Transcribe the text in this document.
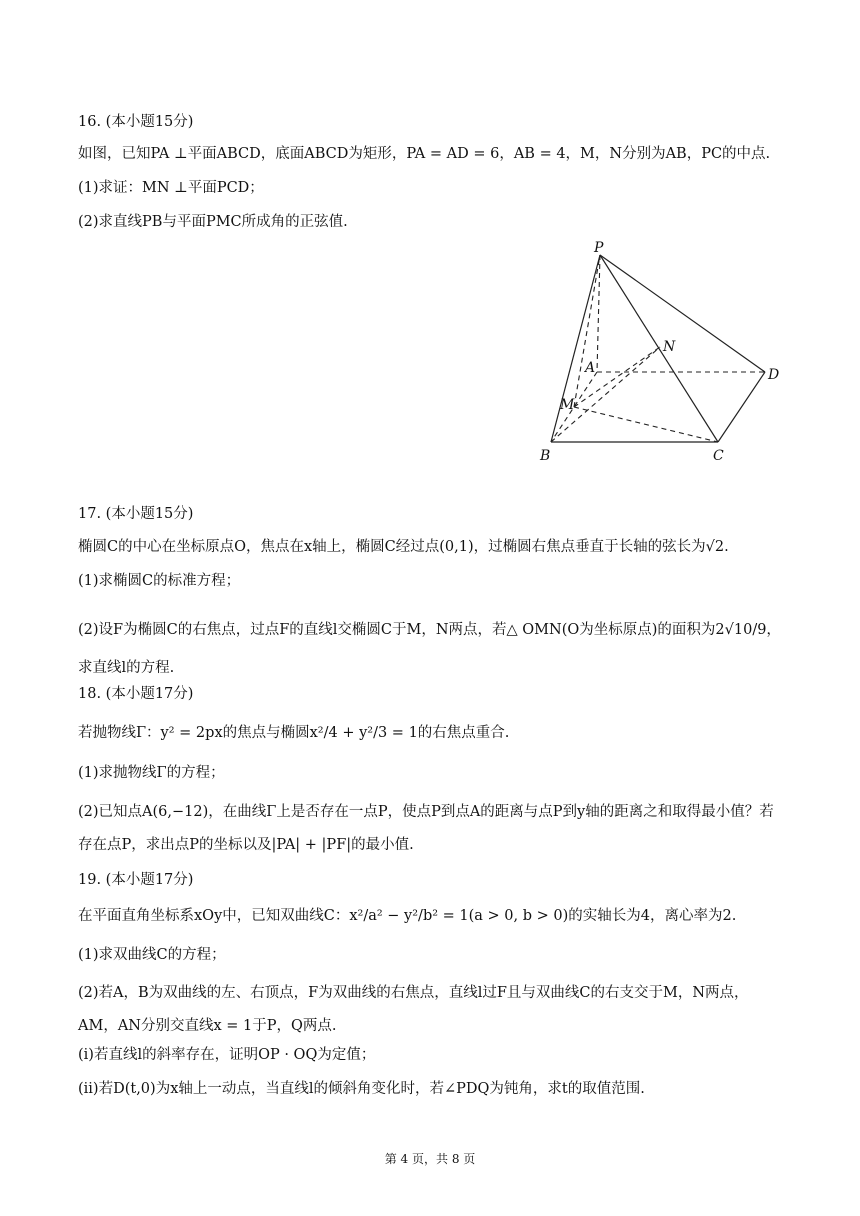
16. (本小题15分)
如图，已知PA ⊥平面ABCD，底面ABCD为矩形，PA = AD = 6，AB = 4，M，N分别为AB，PC的中点.
(1)求证：MN ⊥平面PCD；
(2)求直线PB与平面PMC所成角的正弦值.
P
N
A	D
M
B	C
17. (本小题15分)
椭圆C的中心在坐标原点O，焦点在x轴上，椭圆C经过点(0,1)，过椭圆右焦点垂直于长轴的弦长为√2.
(1)求椭圆C的标准方程；
(2)设F为椭圆C的右焦点，过点F的直线l交椭圆C于M，N两点，若△ OMN(O为坐标原点)的面积为2√10/9，求直线l的方程.
18. (本小题17分)
若抛物线Γ：y² = 2px的焦点与椭圆x²/4 + y²/3 = 1的右焦点重合.
(1)求抛物线Γ的方程；
(2)已知点A(6,−12)，在曲线Γ上是否存在一点P，使点P到点A的距离与点P到y轴的距离之和取得最小值？若存在点P，求出点P的坐标以及|PA| + |PF|的最小值.
19. (本小题17分)
在平面直角坐标系xOy中，已知双曲线C：x²/a² − y²/b² = 1(a > 0, b > 0)的实轴长为4，离心率为2.
(1)求双曲线C的方程；
(2)若A，B为双曲线的左、右顶点，F为双曲线的右焦点，直线l过F且与双曲线C的右支交于M，N两点，AM，AN分别交直线x = 1于P，Q两点.
(i)若直线l的斜率存在，证明OP · OQ为定值；
(ii)若D(t,0)为x轴上一动点，当直线l的倾斜角变化时，若∠PDQ为钝角，求t的取值范围.
第 4 页，共 8 页
